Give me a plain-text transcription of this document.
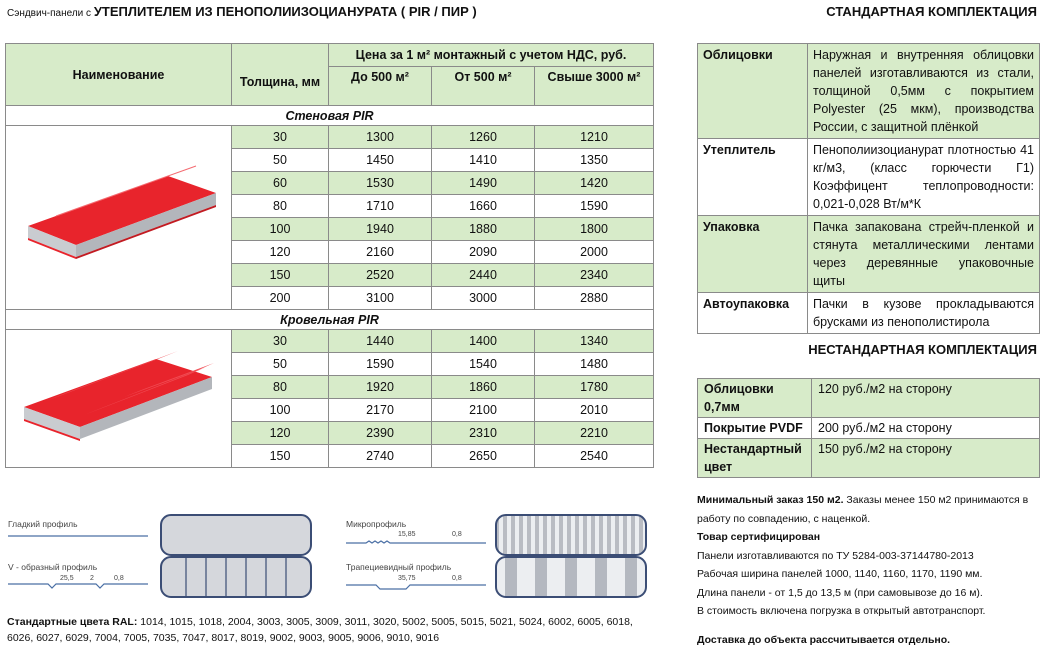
Сэндвич-панели с УТЕПЛИТЕЛЕМ ИЗ ПЕНОПОЛИИЗОЦИАНУРАТА ( PIR / ПИР )	СТАНДАРТНАЯ КОМПЛЕКТАЦИЯ
Наименование	Толщина, мм	Цена за 1 м² монтажный с учетом НДС, руб.		
		До 500 м²	От 500 м²	Свыше 3000 м²
Стеновая PIR				
	30	1300	1260	1210
	50	1450	1410	1350
	60	1530	1490	1420
	80	1710	1660	1590
	100	1940	1880	1800
	120	2160	2090	2000
	150	2520	2440	2340
	200	3100	3000	2880
Кровельная PIR				
	30	1440	1400	1340
	50	1590	1540	1480
	80	1920	1860	1780
	100	2170	2100	2010
	120	2390	2310	2210
	150	2740	2650	2540
Облицовки	Наружная и внутренняя облицовки панелей изготавливаются из стали, толщиной 0,5мм с покрытием Polyester (25 мкм), производства России, с защитной плёнкой
Утеплитель	Пенополиизоцианурат плотностью 41 кг/м3, (класс горючести Г1) Коэффицент теплопроводности: 0,021-0,028 Вт/м*К
Упаковка	Пачка запакована стрейч-пленкой и стянута металлическими лентами через деревянные упаковочные щиты
Автоупаковка	Пачки в кузове прокладываются брусками из пенополистирола
НЕСТАНДАРТНАЯ КОМПЛЕКТАЦИЯ
Облицовки 0,7мм	120 руб./м2 на сторону
Покрытие PVDF	200 руб./м2 на сторону
Нестандартный цвет	150 руб./м2 на сторону
Минимальный заказ 150 м2. Заказы менее 150 м2 принимаются в работу по совпадению, с наценкой.
Товар сертифицирован
Панели изготавливаются по ТУ 5284-003-37144780-2013
Рабочая ширина панелей 1000, 1140, 1160, 1170, 1190 мм.
Длина панели - от 1,5 до 13,5 м (при самовывозе до 16 м).
В стоимость включена погрузка в открытый автотранспорт.
Доставка до объекта рассчитывается отдельно.
Гладкий профиль
V - образный профиль
25,5 2	0,8
Микропрофиль
15,85	0,8
Трапециевидный профиль
35,75	0,8
Стандартные цвета RAL: 1014, 1015, 1018, 2004, 3003, 3005, 3009, 3011, 3020, 5002, 5005, 5015, 5021, 5024, 6002, 6005, 6018, 6026, 6027, 6029, 7004, 7005, 7035, 7047, 8017, 8019, 9002, 9003, 9005, 9006, 9010, 9016
